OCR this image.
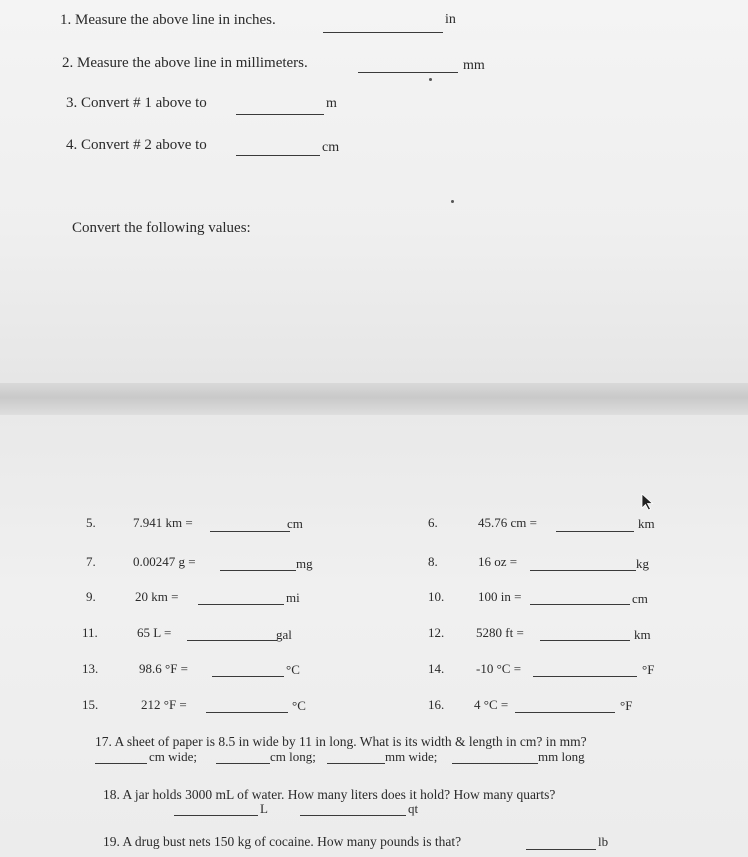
1. Measure the above line in inches.	in
2. Measure the above line in millimeters.	mm
3. Convert # 1 above to	m
4. Convert # 2 above to	cm
Convert the following values:
5.	7.941 km =	cm
7.	0.00247 g =	mg
9.	20 km =	mi
11.	65 L =	gal
13.	98.6 °F =	°C
15.	212 °F =	°C
6.	45.76 cm =	km
8.	16 oz =	kg
10.	100 in =	cm
12. 5280 ft =	km
14. -10 °C =	°F
16. 4 °C =	°F
17. A sheet of paper is 8.5 in wide by 11 in long. What is its width & length in cm? in mm?
cm wide;	cm long;	mm wide;	mm long
18. A jar holds 3000 mL of water. How many liters does it hold? How many quarts?
L	qt
19. A drug bust nets 150 kg of cocaine. How many pounds is that?	lb
